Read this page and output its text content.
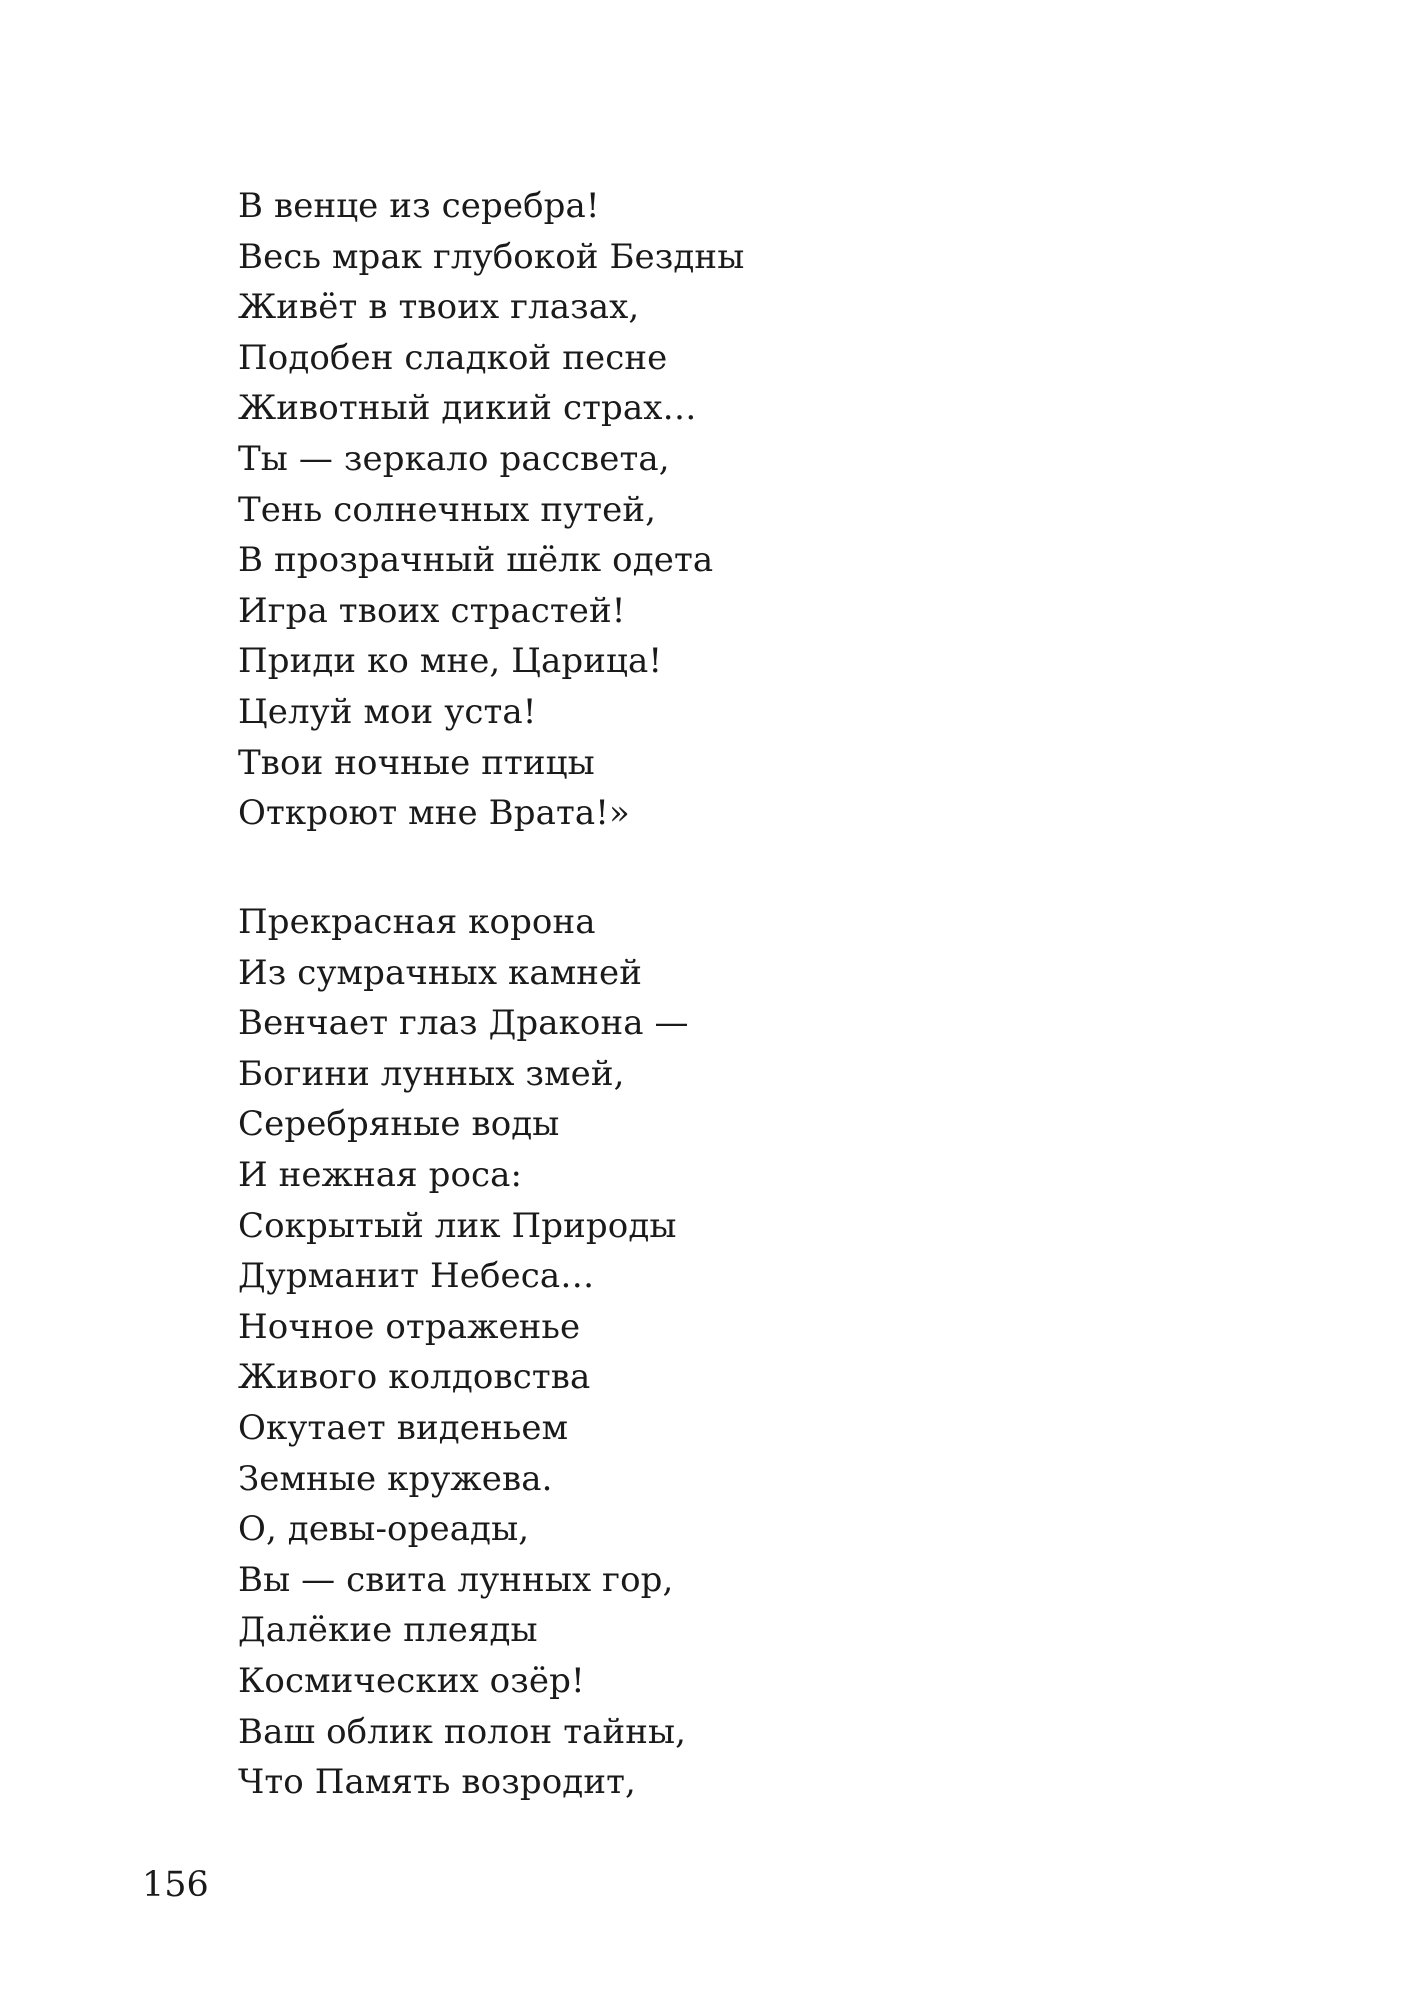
В венце из серебра!
Весь мрак глубокой Бездны
Живёт в твоих глазах,
Подобен сладкой песне
Животный дикий страх…
Ты — зеркало рассвета,
Тень солнечных путей,
В прозрачный шёлк одета
Игра твоих страстей!
Приди ко мне, Царица!
Целуй мои уста!
Твои ночные птицы
Откроют мне Врата!»
Прекрасная корона
Из сумрачных камней
Венчает глаз Дракона —
Богини лунных змей,
Серебряные воды
И нежная роса:
Сокрытый лик Природы
Дурманит Небеса…
Ночное отраженье
Живого колдовства
Окутает виденьем
Земные кружева.
О, девы-ореады,
Вы — свита лунных гор,
Далёкие плеяды
Космических озёр!
Ваш облик полон тайны,
Что Память возродит,
156
